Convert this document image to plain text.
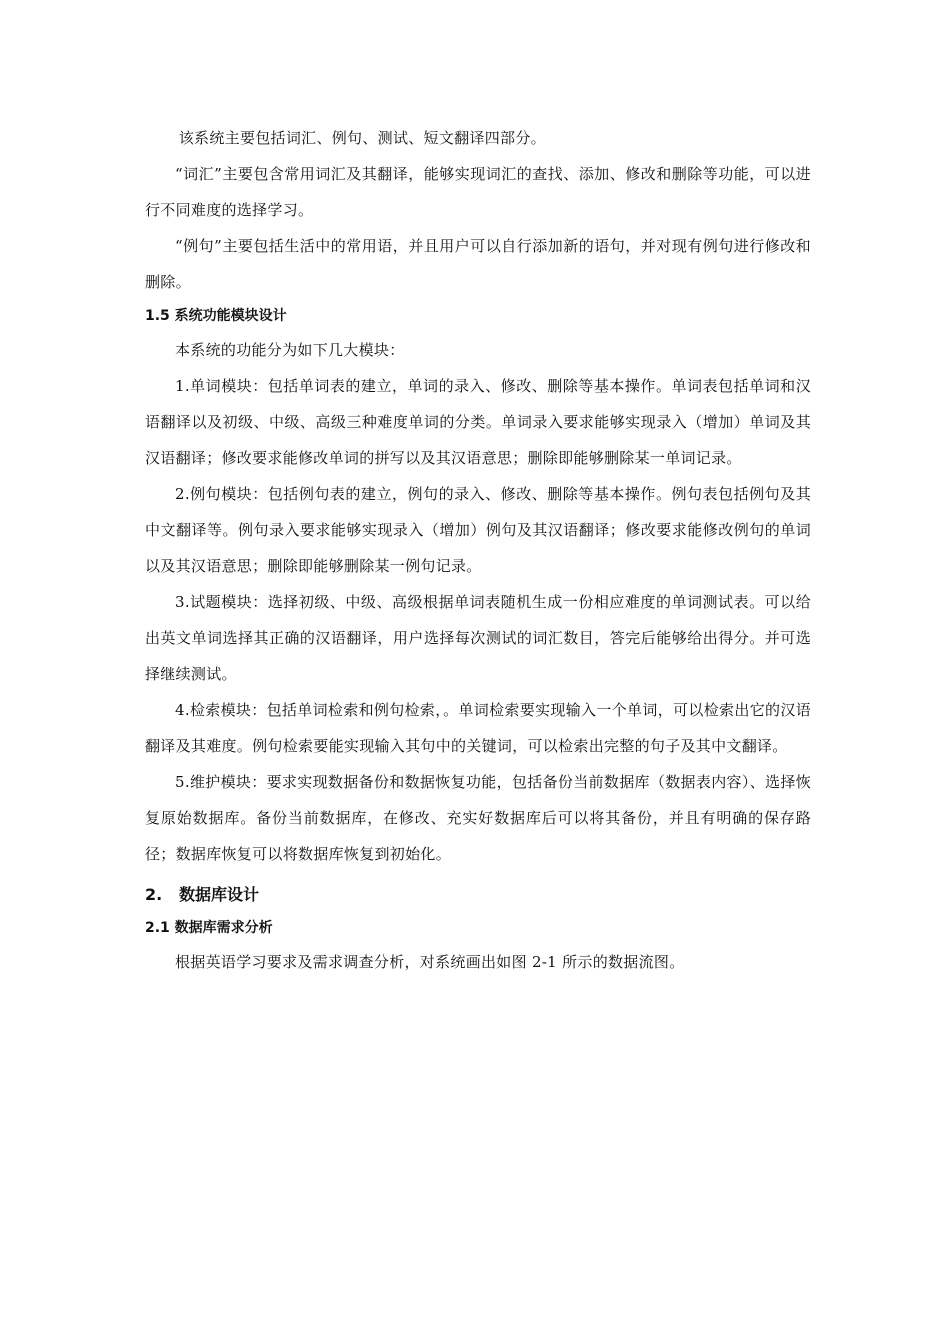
该系统主要包括词汇、例句、测试、短文翻译四部分。

“词汇”主要包含常用词汇及其翻译，能够实现词汇的查找、添加、修改和删除等功能，可以进行不同难度的选择学习。

“例句”主要包括生活中的常用语，并且用户可以自行添加新的语句，并对现有例句进行修改和删除。

1.5 系统功能模块设计

本系统的功能分为如下几大模块：

1.单词模块：包括单词表的建立，单词的录入、修改、删除等基本操作。单词表包括单词和汉语翻译以及初级、中级、高级三种难度单词的分类。单词录入要求能够实现录入（增加）单词及其汉语翻译；修改要求能修改单词的拼写以及其汉语意思；删除即能够删除某一单词记录。

2.例句模块：包括例句表的建立，例句的录入、修改、删除等基本操作。例句表包括例句及其中文翻译等。例句录入要求能够实现录入（增加）例句及其汉语翻译；修改要求能修改例句的单词以及其汉语意思；删除即能够删除某一例句记录。

3.试题模块：选择初级、中级、高级根据单词表随机生成一份相应难度的单词测试表。可以给出英文单词选择其正确的汉语翻译，用户选择每次测试的词汇数目，答完后能够给出得分。并可选择继续测试。

4.检索模块：包括单词检索和例句检索，。单词检索要实现输入一个单词，可以检索出它的汉语翻译及其难度。例句检索要能实现输入其句中的关键词，可以检索出完整的句子及其中文翻译。

5.维护模块：要求实现数据备份和数据恢复功能，包括备份当前数据库（数据表内容）、选择恢复原始数据库。备份当前数据库，在修改、充实好数据库后可以将其备份，并且有明确的保存路径；数据库恢复可以将数据库恢复到初始化。

2. 数据库设计
2.1 数据库需求分析

根据英语学习要求及需求调查分析，对系统画出如图 2-1 所示的数据流图。
